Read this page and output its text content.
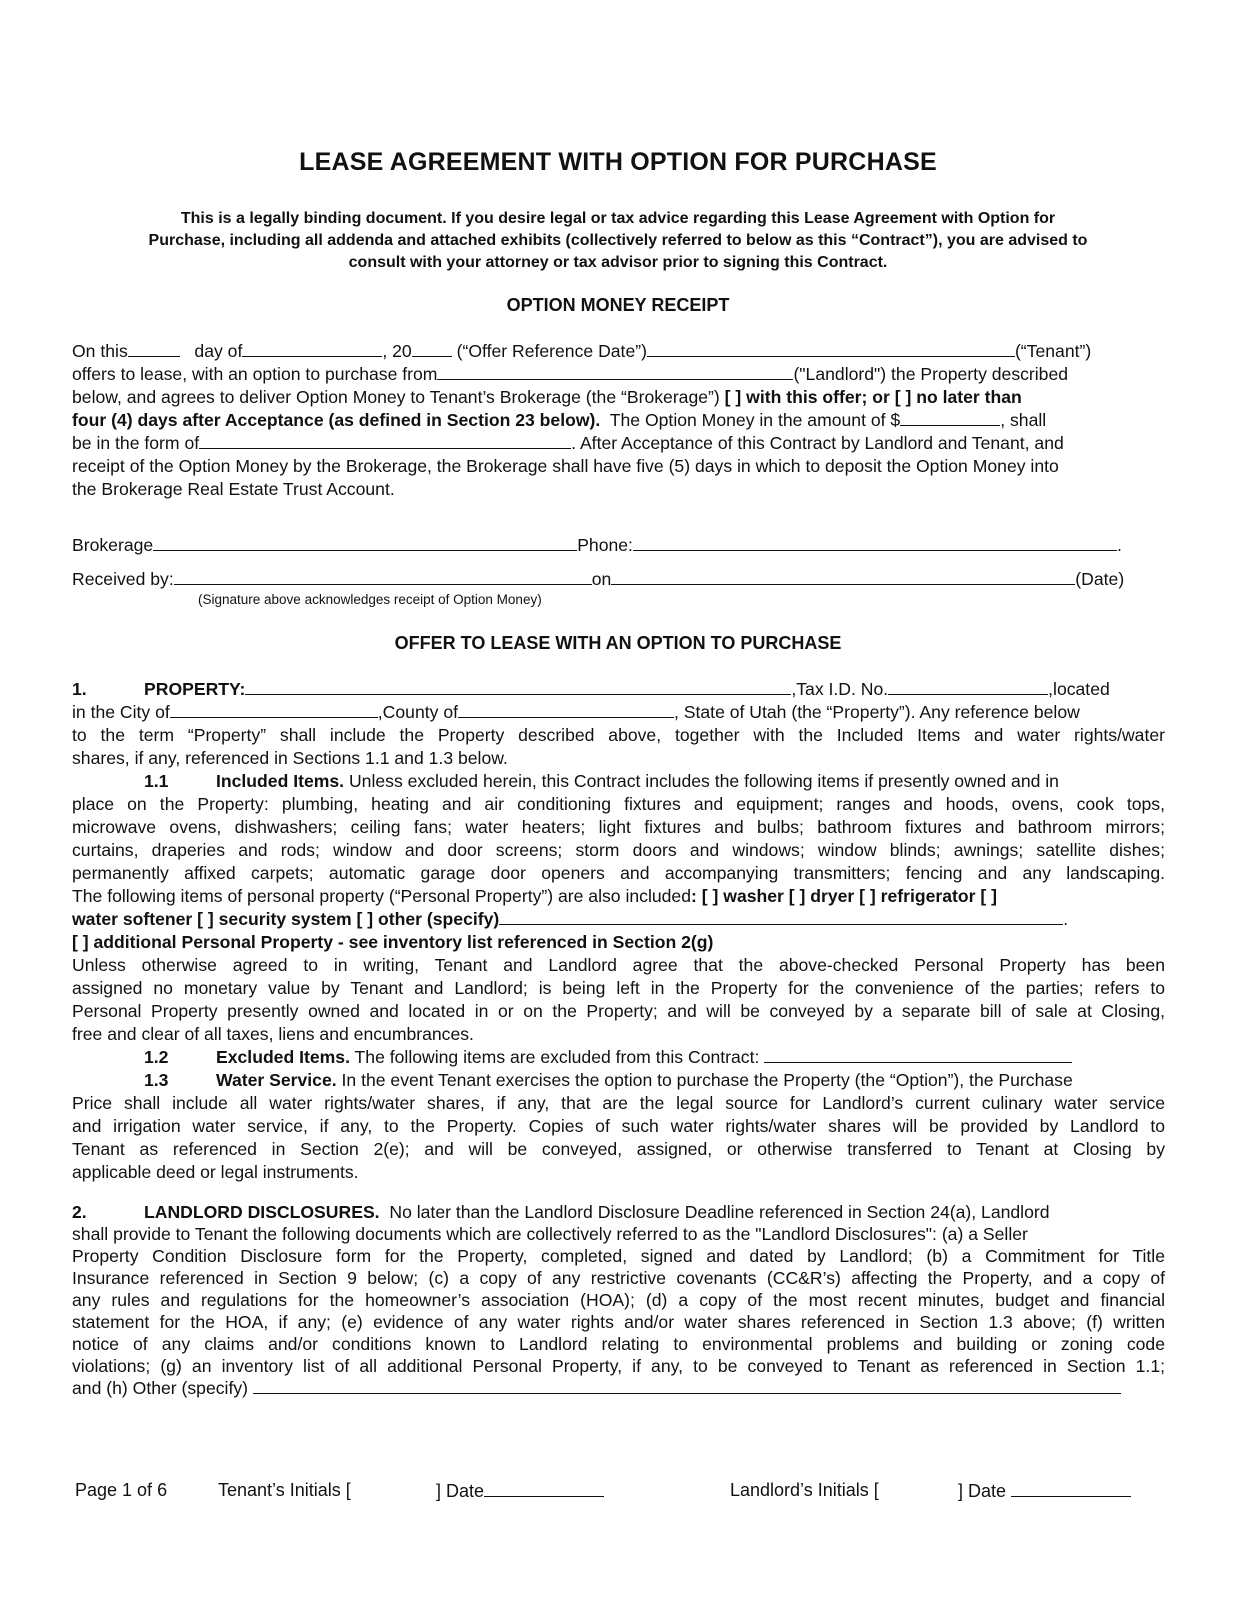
LEASE AGREEMENT WITH OPTION FOR PURCHASE
This is a legally binding document. If you desire legal or tax advice regarding this Lease Agreement with Option for
Purchase, including all addenda and attached exhibits (collectively referred to below as this “Contract”), you are advised to
consult with your attorney or tax advisor prior to signing this Contract.
OPTION MONEY RECEIPT
On this	day of	, 20	(“Offer Reference Date”)	(“Tenant”)
offers to lease, with an option to purchase from	("Landlord") the Property described
below, and agrees to deliver Option Money to Tenant’s Brokerage (the “Brokerage”) [ ] with this offer; or [ ] no later than
four (4) days after Acceptance (as defined in Section 23 below). The Option Money in the amount of $	, shall
be in the form of	. After Acceptance of this Contract by Landlord and Tenant, and
receipt of the Option Money by the Brokerage, the Brokerage shall have five (5) days in which to deposit the Option Money into
the Brokerage Real Estate Trust Account.
Brokerage	Phone:	.
Received by:	on	(Date)
(Signature above acknowledges receipt of Option Money)
OFFER TO LEASE WITH AN OPTION TO PURCHASE
1.	PROPERTY:	,Tax I.D. No.	,located
in the City of	,County of	, State of Utah (the “Property”). Any reference below
to the term “Property” shall include the Property described above, together with the Included Items and water rights/water
shares, if any, referenced in Sections 1.1 and 1.3 below.
1.1	Included Items. Unless excluded herein, this Contract includes the following items if presently owned and in
place on the Property: plumbing, heating and air conditioning fixtures and equipment; ranges and hoods, ovens, cook tops,
microwave ovens, dishwashers; ceiling fans; water heaters; light fixtures and bulbs; bathroom fixtures and bathroom mirrors;
curtains, draperies and rods; window and door screens; storm doors and windows; window blinds; awnings; satellite dishes;
permanently affixed carpets; automatic garage door openers and accompanying transmitters; fencing and any landscaping.
The following items of personal property (“Personal Property”) are also included: [ ] washer [ ] dryer [ ] refrigerator [ ]
water softener [ ] security system [ ] other (specify)	.
[ ] additional Personal Property - see inventory list referenced in Section 2(g)
Unless otherwise agreed to in writing, Tenant and Landlord agree that the above-checked Personal Property has been
assigned no monetary value by Tenant and Landlord; is being left in the Property for the convenience of the parties; refers to
Personal Property presently owned and located in or on the Property; and will be conveyed by a separate bill of sale at Closing,
free and clear of all taxes, liens and encumbrances.
1.2	Excluded Items. The following items are excluded from this Contract:
1.3	Water Service. In the event Tenant exercises the option to purchase the Property (the “Option”), the Purchase
Price shall include all water rights/water shares, if any, that are the legal source for Landlord’s current culinary water service
and irrigation water service, if any, to the Property. Copies of such water rights/water shares will be provided by Landlord to
Tenant as referenced in Section 2(e); and will be conveyed, assigned, or otherwise transferred to Tenant at Closing by
applicable deed or legal instruments.
2.	LANDLORD DISCLOSURES. No later than the Landlord Disclosure Deadline referenced in Section 24(a), Landlord
shall provide to Tenant the following documents which are collectively referred to as the "Landlord Disclosures": (a) a Seller
Property Condition Disclosure form for the Property, completed, signed and dated by Landlord; (b) a Commitment for Title
Insurance referenced in Section 9 below; (c) a copy of any restrictive covenants (CC&R’s) affecting the Property, and a copy of
any rules and regulations for the homeowner’s association (HOA); (d) a copy of the most recent minutes, budget and financial
statement for the HOA, if any; (e) evidence of any water rights and/or water shares referenced in Section 1.3 above; (f) written
notice of any claims and/or conditions known to Landlord relating to environmental problems and building or zoning code
violations; (g) an inventory list of all additional Personal Property, if any, to be conveyed to Tenant as referenced in Section 1.1;
and (h) Other (specify)
Page 1 of 6	Tenant’s Initials [	] Date	Landlord’s Initials [	] Date
